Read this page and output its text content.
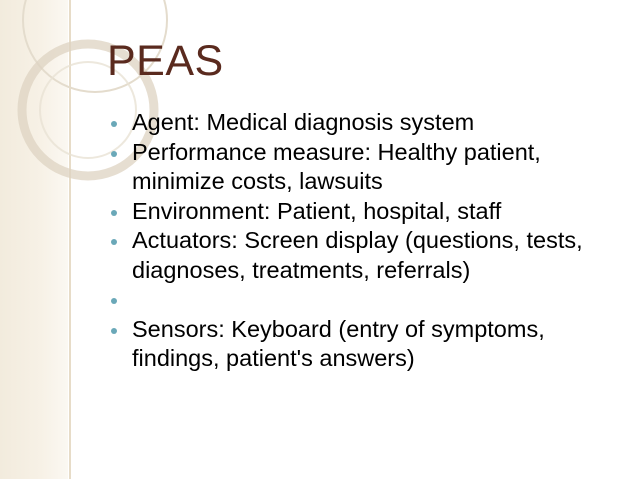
PEAS
Agent: Medical diagnosis system
Performance measure: Healthy patient, minimize costs, lawsuits
Environment: Patient, hospital, staff
Actuators: Screen display (questions, tests, diagnoses, treatments, referrals)
Sensors: Keyboard (entry of symptoms, findings, patient's answers)
